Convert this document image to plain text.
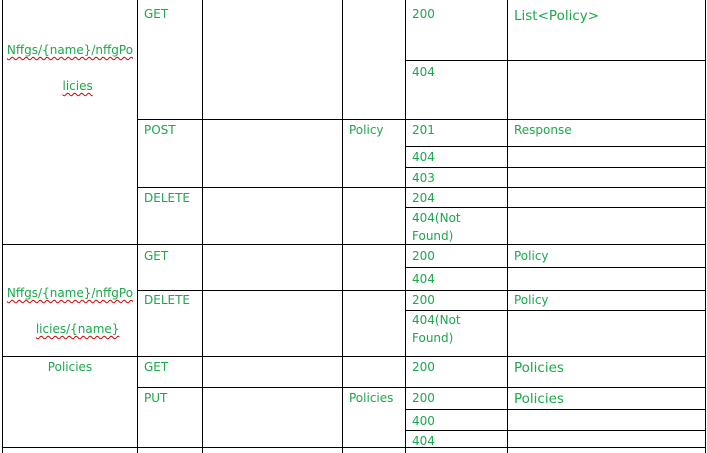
Nffgs/{name}/nffgPo

licies

Nffgs/{name}/nffgPo

licies/{name}

Policies
GET
POST
DELETE
GET
DELETE
GET
PUT
Policy
Policies
200
404
201
404
403
204
404(Not
Found)
200
404
200
404(Not
Found)
200
200
400
404
List<Policy>
Response
Policy
Policy
Policies
Policies
